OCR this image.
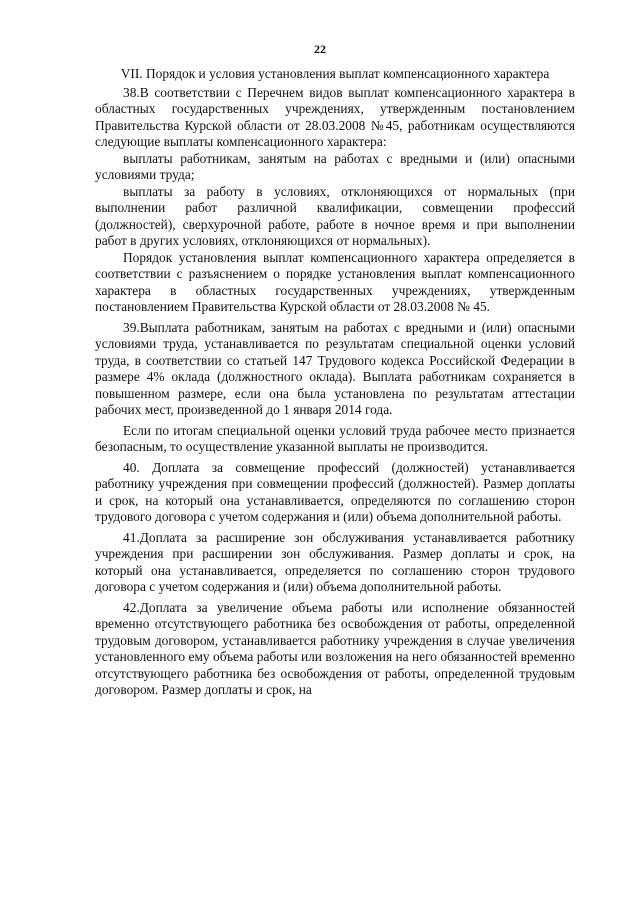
22

VII. Порядок и условия установления выплат компенсационного характера

38.В соответствии с Перечнем видов выплат компенсационного характера в областных государственных учреждениях, утвержденным постановлением Правительства Курской области от 28.03.2008 №45, работникам осуществляются следующие выплаты компенсационного характера:

выплаты работникам, занятым на работах с вредными и (или) опасными условиями труда;

выплаты за работу в условиях, отклоняющихся от нормальных (при выполнении работ различной квалификации, совмещении профессий (должностей), сверхурочной работе, работе в ночное время и при выполнении работ в других условиях, отклоняющихся от нормальных).

Порядок установления выплат компенсационного характера определяется в соответствии с разъяснением о порядке установления выплат компенсационного характера в областных государственных учреждениях, утвержденным постановлением Правительства Курской области от 28.03.2008 № 45.

39.Выплата работникам, занятым на работах с вредными и (или) опасными условиями труда, устанавливается по результатам специальной оценки условий труда, в соответствии со статьей 147 Трудового кодекса Российской Федерации в размере 4% оклада (должностного оклада). Выплата работникам сохраняется в повышенном размере, если она была установлена по результатам аттестации рабочих мест, произведенной до 1 января 2014 года.

Если по итогам специальной оценки условий труда рабочее место признается безопасным, то осуществление указанной выплаты не производится.

40. Доплата за совмещение профессий (должностей) устанавливается работнику учреждения при совмещении профессий (должностей). Размер доплаты и срок, на который она устанавливается, определяются по соглашению сторон трудового договора с учетом содержания и (или) объема дополнительной работы.

41.Доплата за расширение зон обслуживания устанавливается работнику учреждения при расширении зон обслуживания. Размер доплаты и срок, на который она устанавливается, определяется по соглашению сторон трудового договора с учетом содержания и (или) объема дополнительной работы.

42.Доплата за увеличение объема работы или исполнение обязанностей временно отсутствующего работника без освобождения от работы, определенной трудовым договором, устанавливается работнику учреждения в случае увеличения установленного ему объема работы или возложения на него обязанностей временно отсутствующего работника без освобождения от работы, определенной трудовым договором. Размер доплаты и срок, на
